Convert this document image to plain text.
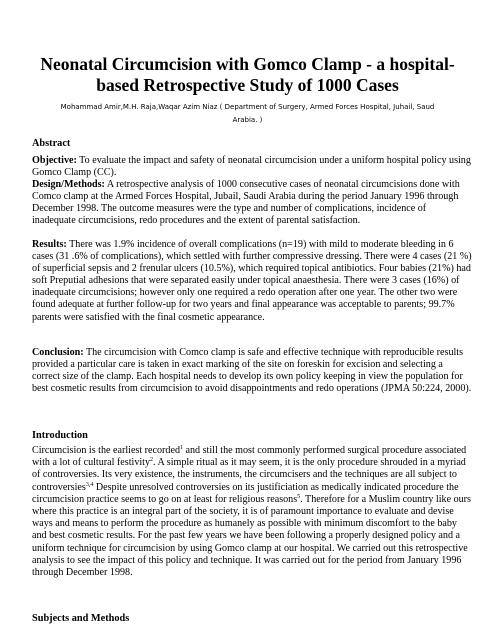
Neonatal Circumcision with Gomco Clamp - a hospital-based Retrospective Study of 1000 Cases
Mohammad Amir,M.H. Raja,Waqar Azim Niaz ( Department of Surgery, Armed Forces Hospital, Juhail, Saud Arabia. )
Abstract
Objective: To evaluate the impact and safety of neonatal circumcision under a uniform hospital policy using Gomco Clamp (CC).
Design/Methods: A retrospective analysis of 1000 consecutive cases of neonatal circumcisions done with Comco clamp at the Armed Forces Hospital, Jubail, Saudi Arabia during the period January 1996 through December 1998. The outcome measures were the type and number of complications, incidence of inadequate circumcisions, redo procedures and the extent of parental satisfaction.
Results: There was 1.9% incidence of overall complications (n=19) with mild to moderate bleeding in 6 cases (31 .6% of complications), which settled with further compressive dressing. There were 4 cases (21 %) of superficial sepsis and 2 frenular ulcers (10.5%), which required topical antibiotics. Four babies (21%) had soft Preputial adhesions that were separated easily under topical anaesthesia. There were 3 cases (16%) of inadequate circumcisions; however only one required a redo operation after one year. The other two were found adequate at further follow-up for two years and final appearance was acceptable to parents; 99.7% parents were satisfied with the final cosmetic appearance.
Conclusion: The circumcision with Comco clamp is safe and effective technique with reproducible results provided a particular care is taken in exact marking of the site on foreskin for excision and selecting a correct size of the clamp. Each hospital needs to develop its own policy keeping in view the population for best cosmetic results from circumcision to avoid disappointments and redo operations (JPMA 50:224, 2000).
Introduction
Circumcision is the earliest recorded$^1$ and still the most commonly performed surgical procedure associated with a lot of cultural festivity$^2$. A simple ritual as it may seem, it is the only procedure shrouded in a myriad of controversies. Its very existence, the instruments, the circumcisers and the techniques are all subject to controversies$^{3,4}$ Despite unresolved controversies on its justificiation as medically indicated procedure the circumcision practice seems to go on at least for religious reasons$^5$. Therefore for a Muslim country like ours where this practice is an integral part of the society, it is of paramount importance to evaluate and devise ways and means to perform the procedure as humanely as possible with minimum discomfort to the baby and best cosmetic results. For the past few years we have been following a properly designed policy and a uniform technique for circumcision by using Gomco clamp at our hospital. We carried out this retrospective analysis to see the impact of this policy and technique. It was carried out for the period from January 1996 through December 1998.
Subjects and Methods
